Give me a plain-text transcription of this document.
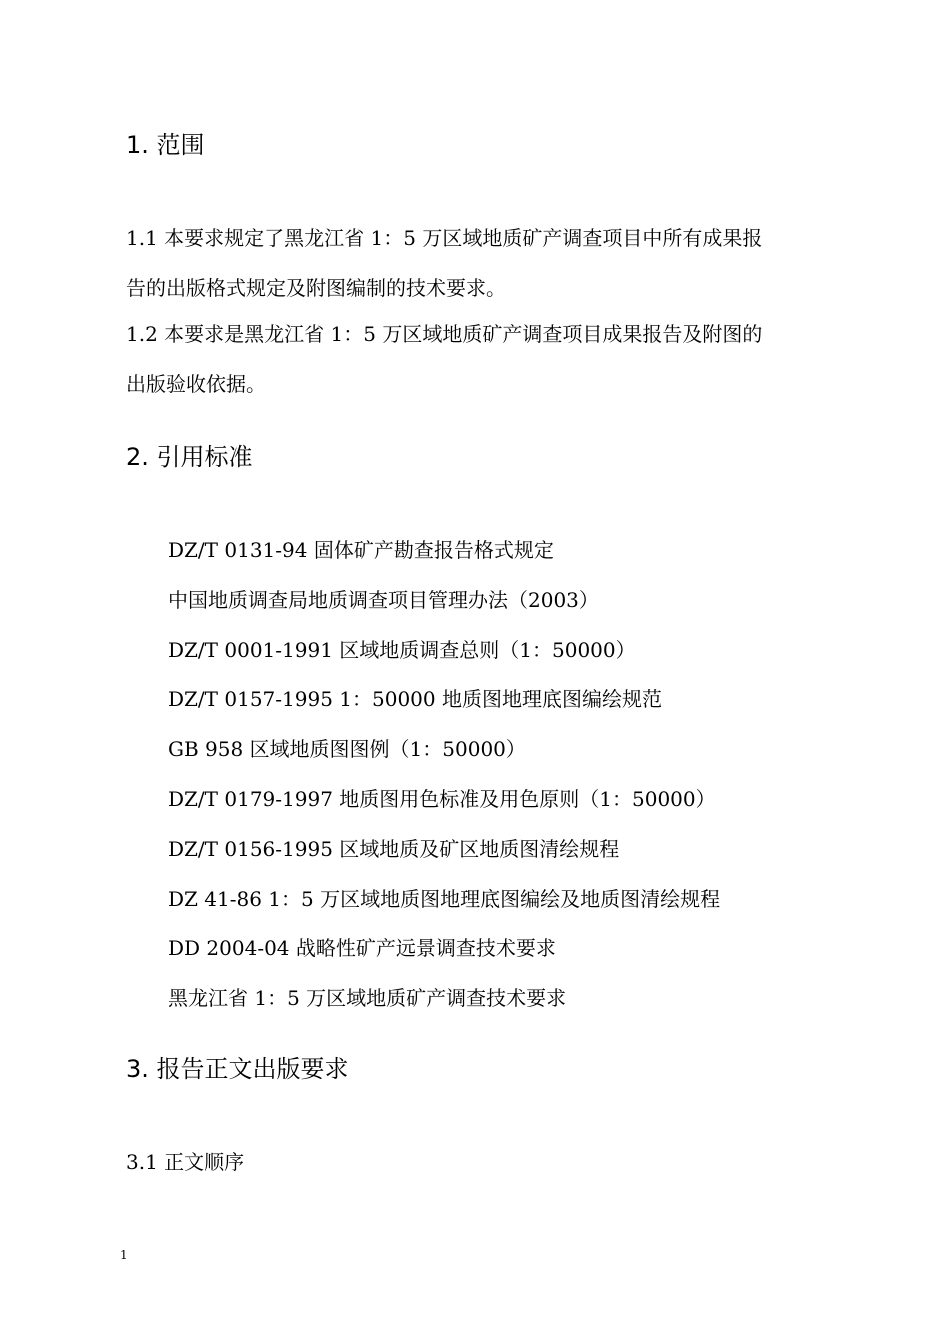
1. 范围

1.1 本要求规定了黑龙江省 1：5 万区域地质矿产调查项目中所有成果报

告的出版格式规定及附图编制的技术要求。

1.2 本要求是黑龙江省 1：5 万区域地质矿产调查项目成果报告及附图的

出版验收依据。

2. 引用标准
DZ/T 0131-94 固体矿产勘查报告格式规定
中国地质调查局地质调查项目管理办法（2003）
DZ/T 0001-1991 区域地质调查总则（1：50000）
DZ/T 0157-1995 1：50000 地质图地理底图编绘规范
GB 958 区域地质图图例（1：50000）
DZ/T 0179-1997 地质图用色标准及用色原则（1：50000）
DZ/T 0156-1995 区域地质及矿区地质图清绘规程
DZ 41-86 1：5 万区域地质图地理底图编绘及地质图清绘规程
DD 2004-04 战略性矿产远景调查技术要求
黑龙江省 1：5 万区域地质矿产调查技术要求
3. 报告正文出版要求
3.1 正文顺序
1
